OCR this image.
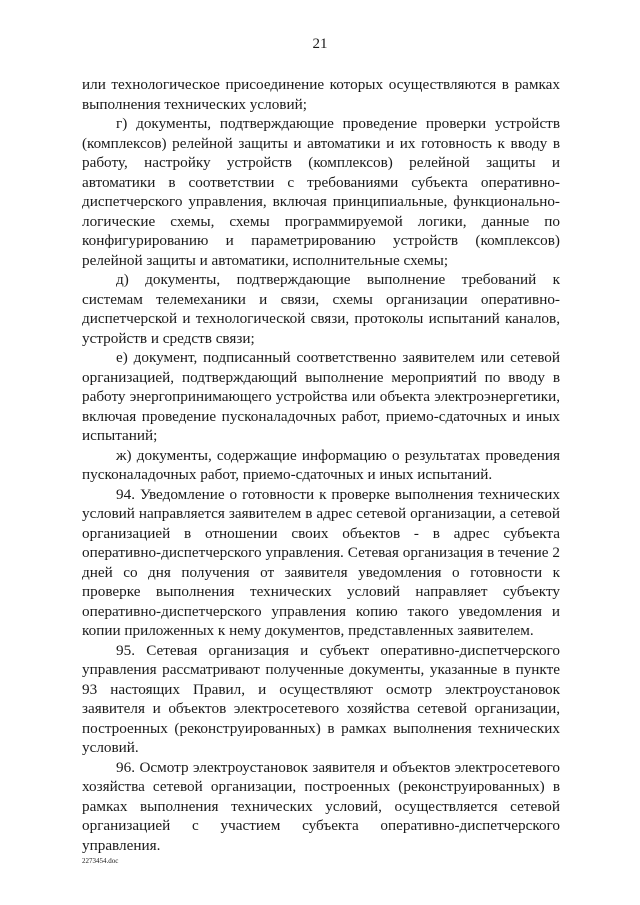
21

или технологическое присоединение которых осуществляются в рамках выполнения технических условий;

г) документы, подтверждающие проведение проверки устройств (комплексов) релейной защиты и автоматики и их готовность к вводу в работу, настройку устройств (комплексов) релейной защиты и автоматики в соответствии с требованиями субъекта оперативно-диспетчерского управления, включая принципиальные, функционально-логические схемы, схемы программируемой логики, данные по конфигурированию и параметрированию устройств (комплексов) релейной защиты и автоматики, исполнительные схемы;

д) документы, подтверждающие выполнение требований к системам телемеханики и связи, схемы организации оперативно-диспетчерской и технологической связи, протоколы испытаний каналов, устройств и средств связи;

е) документ, подписанный соответственно заявителем или сетевой организацией, подтверждающий выполнение мероприятий по вводу в работу энергопринимающего устройства или объекта электроэнергетики, включая проведение пусконаладочных работ, приемо-сдаточных и иных испытаний;

ж) документы, содержащие информацию о результатах проведения пусконаладочных работ, приемо-сдаточных и иных испытаний.

94. Уведомление о готовности к проверке выполнения технических условий направляется заявителем в адрес сетевой организации, а сетевой организацией в отношении своих объектов - в адрес субъекта оперативно-диспетчерского управления. Сетевая организация в течение 2 дней со дня получения от заявителя уведомления о готовности к проверке выполнения технических условий направляет субъекту оперативно-диспетчерского управления копию такого уведомления и копии приложенных к нему документов, представленных заявителем.

95. Сетевая организация и субъект оперативно-диспетчерского управления рассматривают полученные документы, указанные в пункте 93 настоящих Правил, и осуществляют осмотр электроустановок заявителя и объектов электросетевого хозяйства сетевой организации, построенных (реконструированных) в рамках выполнения технических условий.

96. Осмотр электроустановок заявителя и объектов электросетевого хозяйства сетевой организации, построенных (реконструированных) в рамках выполнения технических условий, осуществляется сетевой организацией с участием субъекта оперативно-диспетчерского управления.

2273454.doc
